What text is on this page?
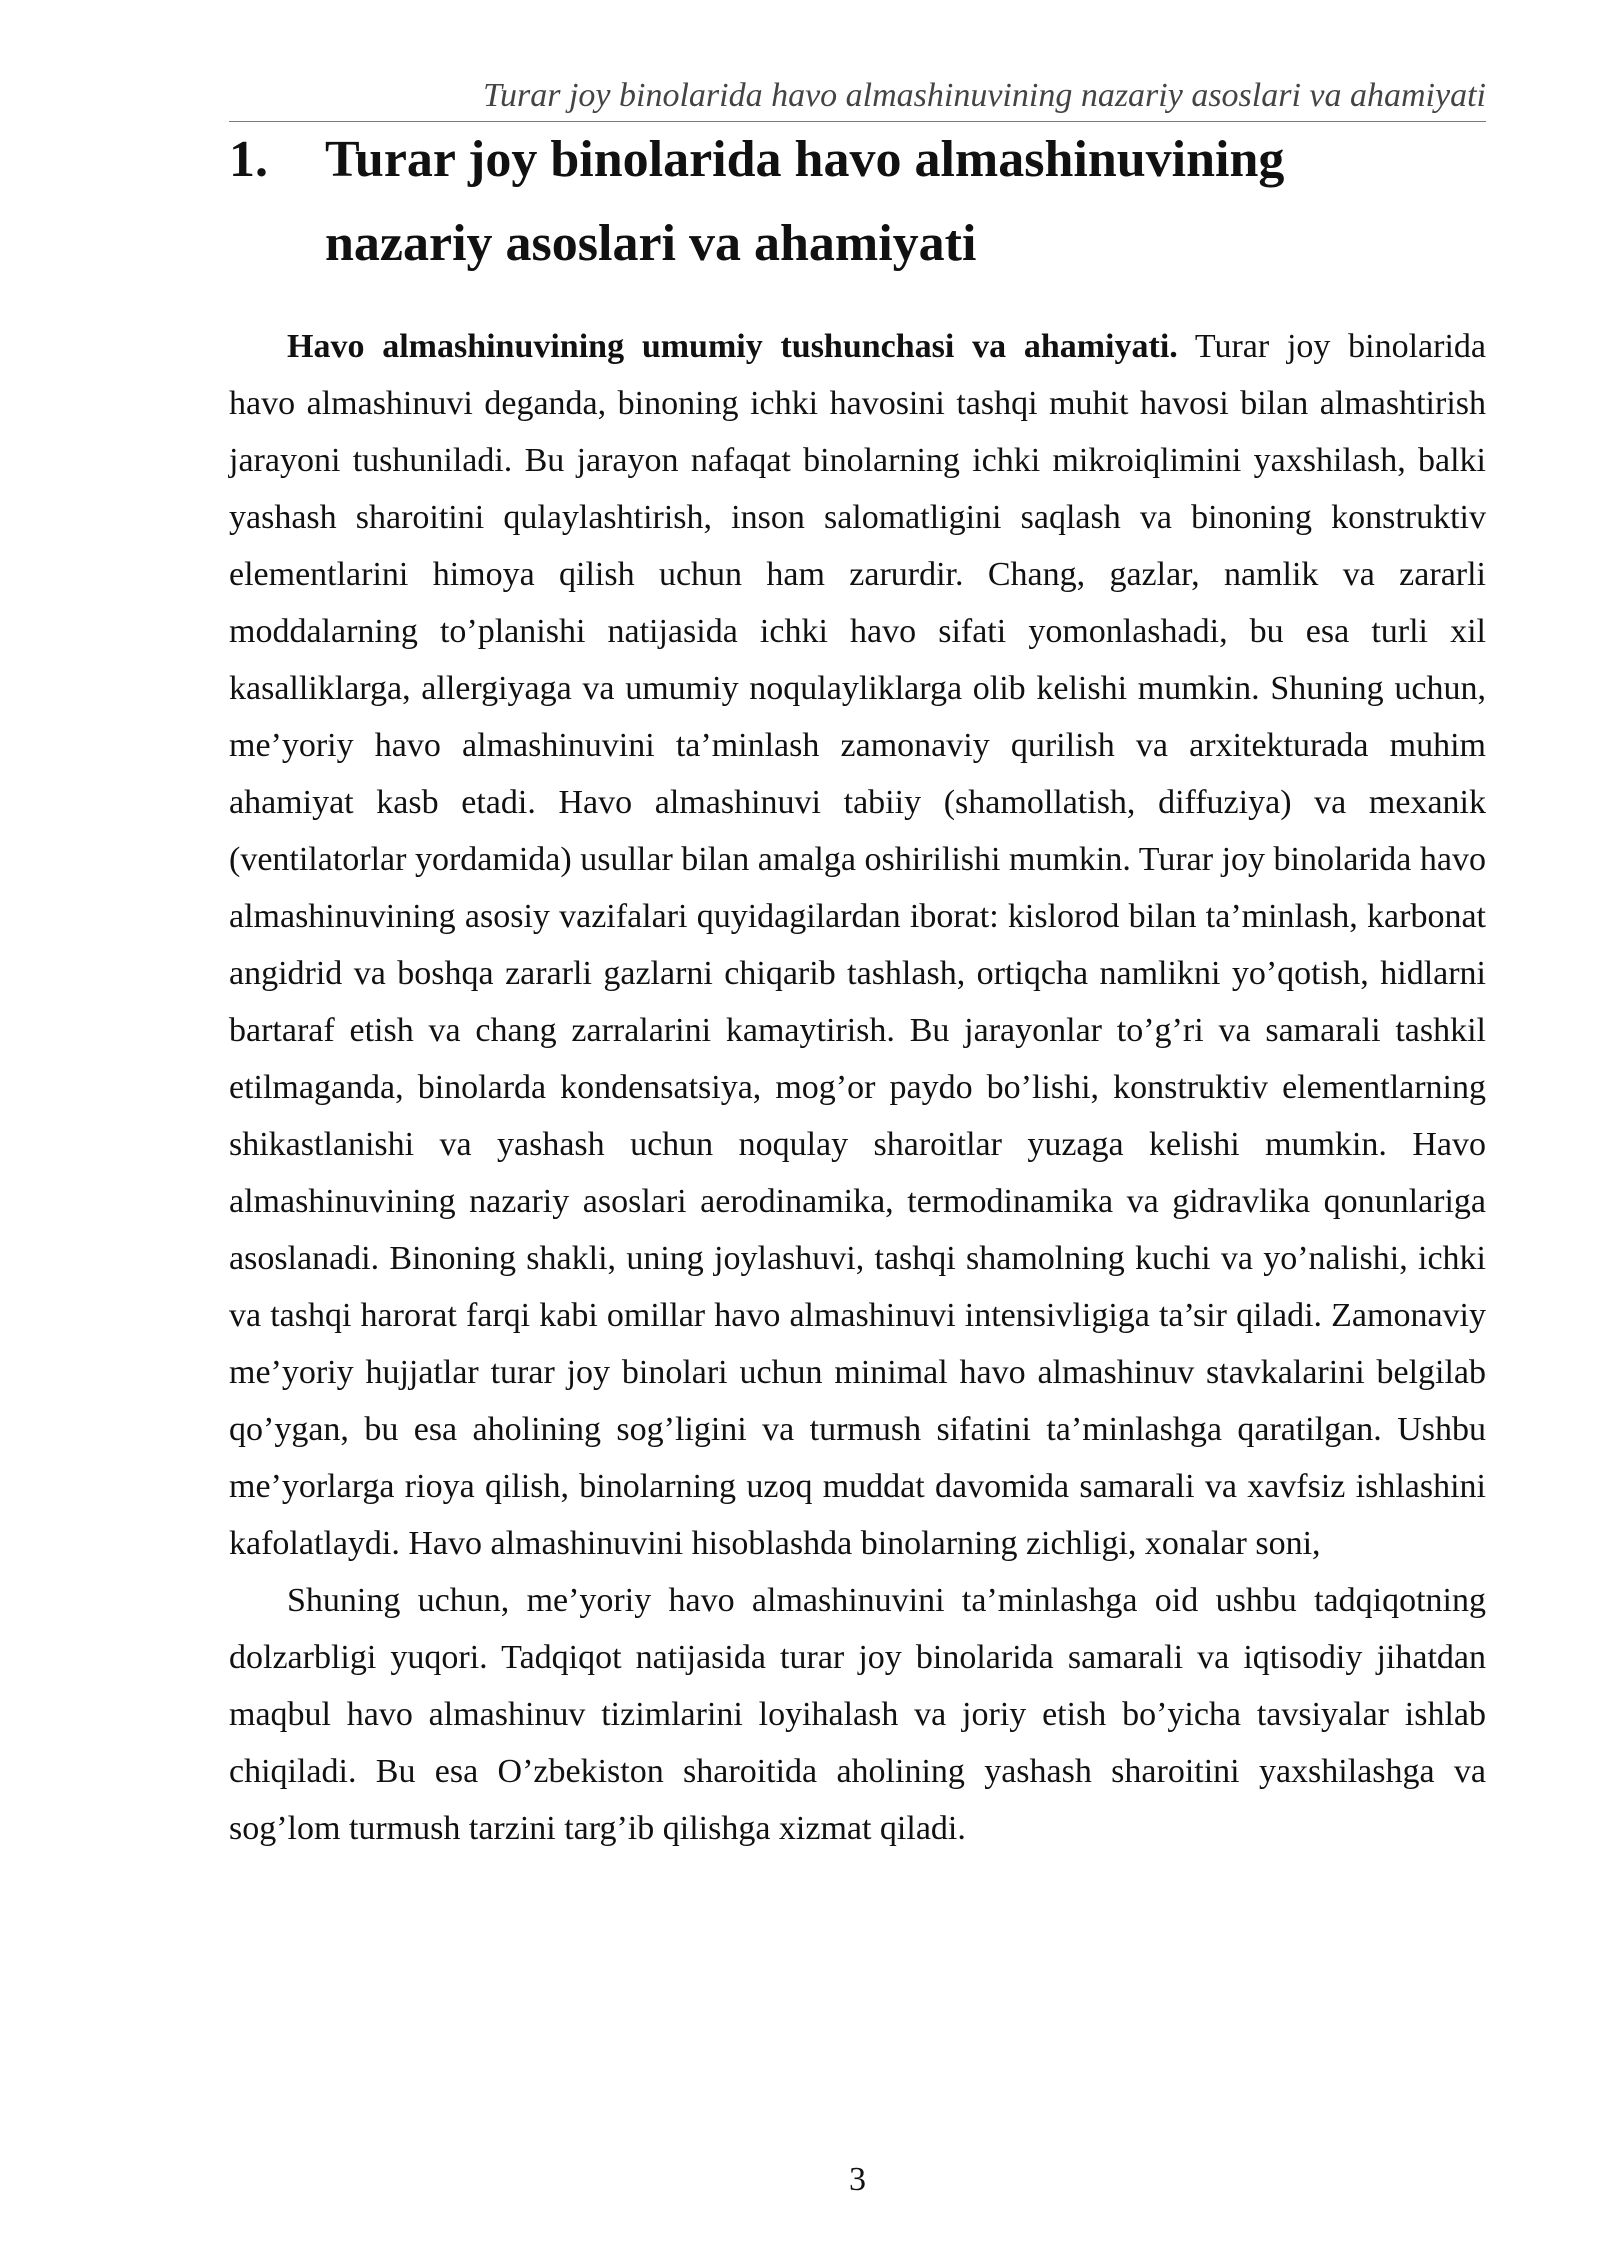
Turar joy binolarida havo almashinuvining nazariy asoslari va ahamiyati
1. Turar joy binolarida havo almashinuvining
nazariy asoslari va ahamiyati

Havo almashinuvining umumiy tushunchasi va ahamiyati. Turar joy binolarida havo almashinuvi deganda, binoning ichki havosini tashqi muhit havosi bilan almashtirish jarayoni tushuniladi. Bu jarayon nafaqat binolarning ichki mikroiqlimini yaxshilash, balki yashash sharoitini qulaylashtirish, inson salomatligini saqlash va binoning konstruktiv elementlarini himoya qilish uchun ham zarurdir. Chang, gazlar, namlik va zararli moddalarning to’planishi natijasida ichki havo sifati yomonlashadi, bu esa turli xil kasalliklarga, allergiyaga va umumiy noqulayliklarga olib kelishi mumkin. Shuning uchun, me’yoriy havo almashinuvini ta’minlash zamonaviy qurilish va arxitekturada muhim ahamiyat kasb etadi. Havo almashinuvi tabiiy (shamollatish, diffuziya) va mexanik (ventilatorlar yordamida) usullar bilan amalga oshirilishi mumkin. Turar joy binolarida havo almashinuvining asosiy vazifalari quyidagilardan iborat: kislorod bilan ta’minlash, karbonat angidrid va boshqa zararli gazlarni chiqarib tashlash, ortiqcha namlikni yo’qotish, hidlarni bartaraf etish va chang zarralarini kamaytirish. Bu jarayonlar to’g’ri va samarali tashkil etilmaganda, binolarda kondensatsiya, mog’or paydo bo’lishi, konstruktiv elementlarning shikastlanishi va yashash uchun noqulay sharoitlar yuzaga kelishi mumkin. Havo almashinuvining nazariy asoslari aerodinamika, termodinamika va gidravlika qonunlariga asoslanadi. Binoning shakli, uning joylashuvi, tashqi shamolning kuchi va yo’nalishi, ichki va tashqi harorat farqi kabi omillar havo almashinuvi intensivligiga ta’sir qiladi. Zamonaviy me’yoriy hujjatlar turar joy binolari uchun minimal havo almashinuv stavkalarini belgilab qo’ygan, bu esa aholining sog’ligini va turmush sifatini ta’minlashga qaratilgan. Ushbu me’yorlarga rioya qilish, binolarning uzoq muddat davomida samarali va xavfsiz ishlashini kafolatlaydi. Havo almashinuvini hisoblashda binolarning zichligi, xonalar soni,

Shuning uchun, me’yoriy havo almashinuvini ta’minlashga oid ushbu tadqiqotning dolzarbligi yuqori. Tadqiqot natijasida turar joy binolarida samarali va iqtisodiy jihatdan maqbul havo almashinuv tizimlarini loyihalash va joriy etish bo’yicha tavsiyalar ishlab chiqiladi. Bu esa O’zbekiston sharoitida aholining yashash sharoitini yaxshilashga va sog’lom turmush tarzini targ’ib qilishga xizmat qiladi.

3
